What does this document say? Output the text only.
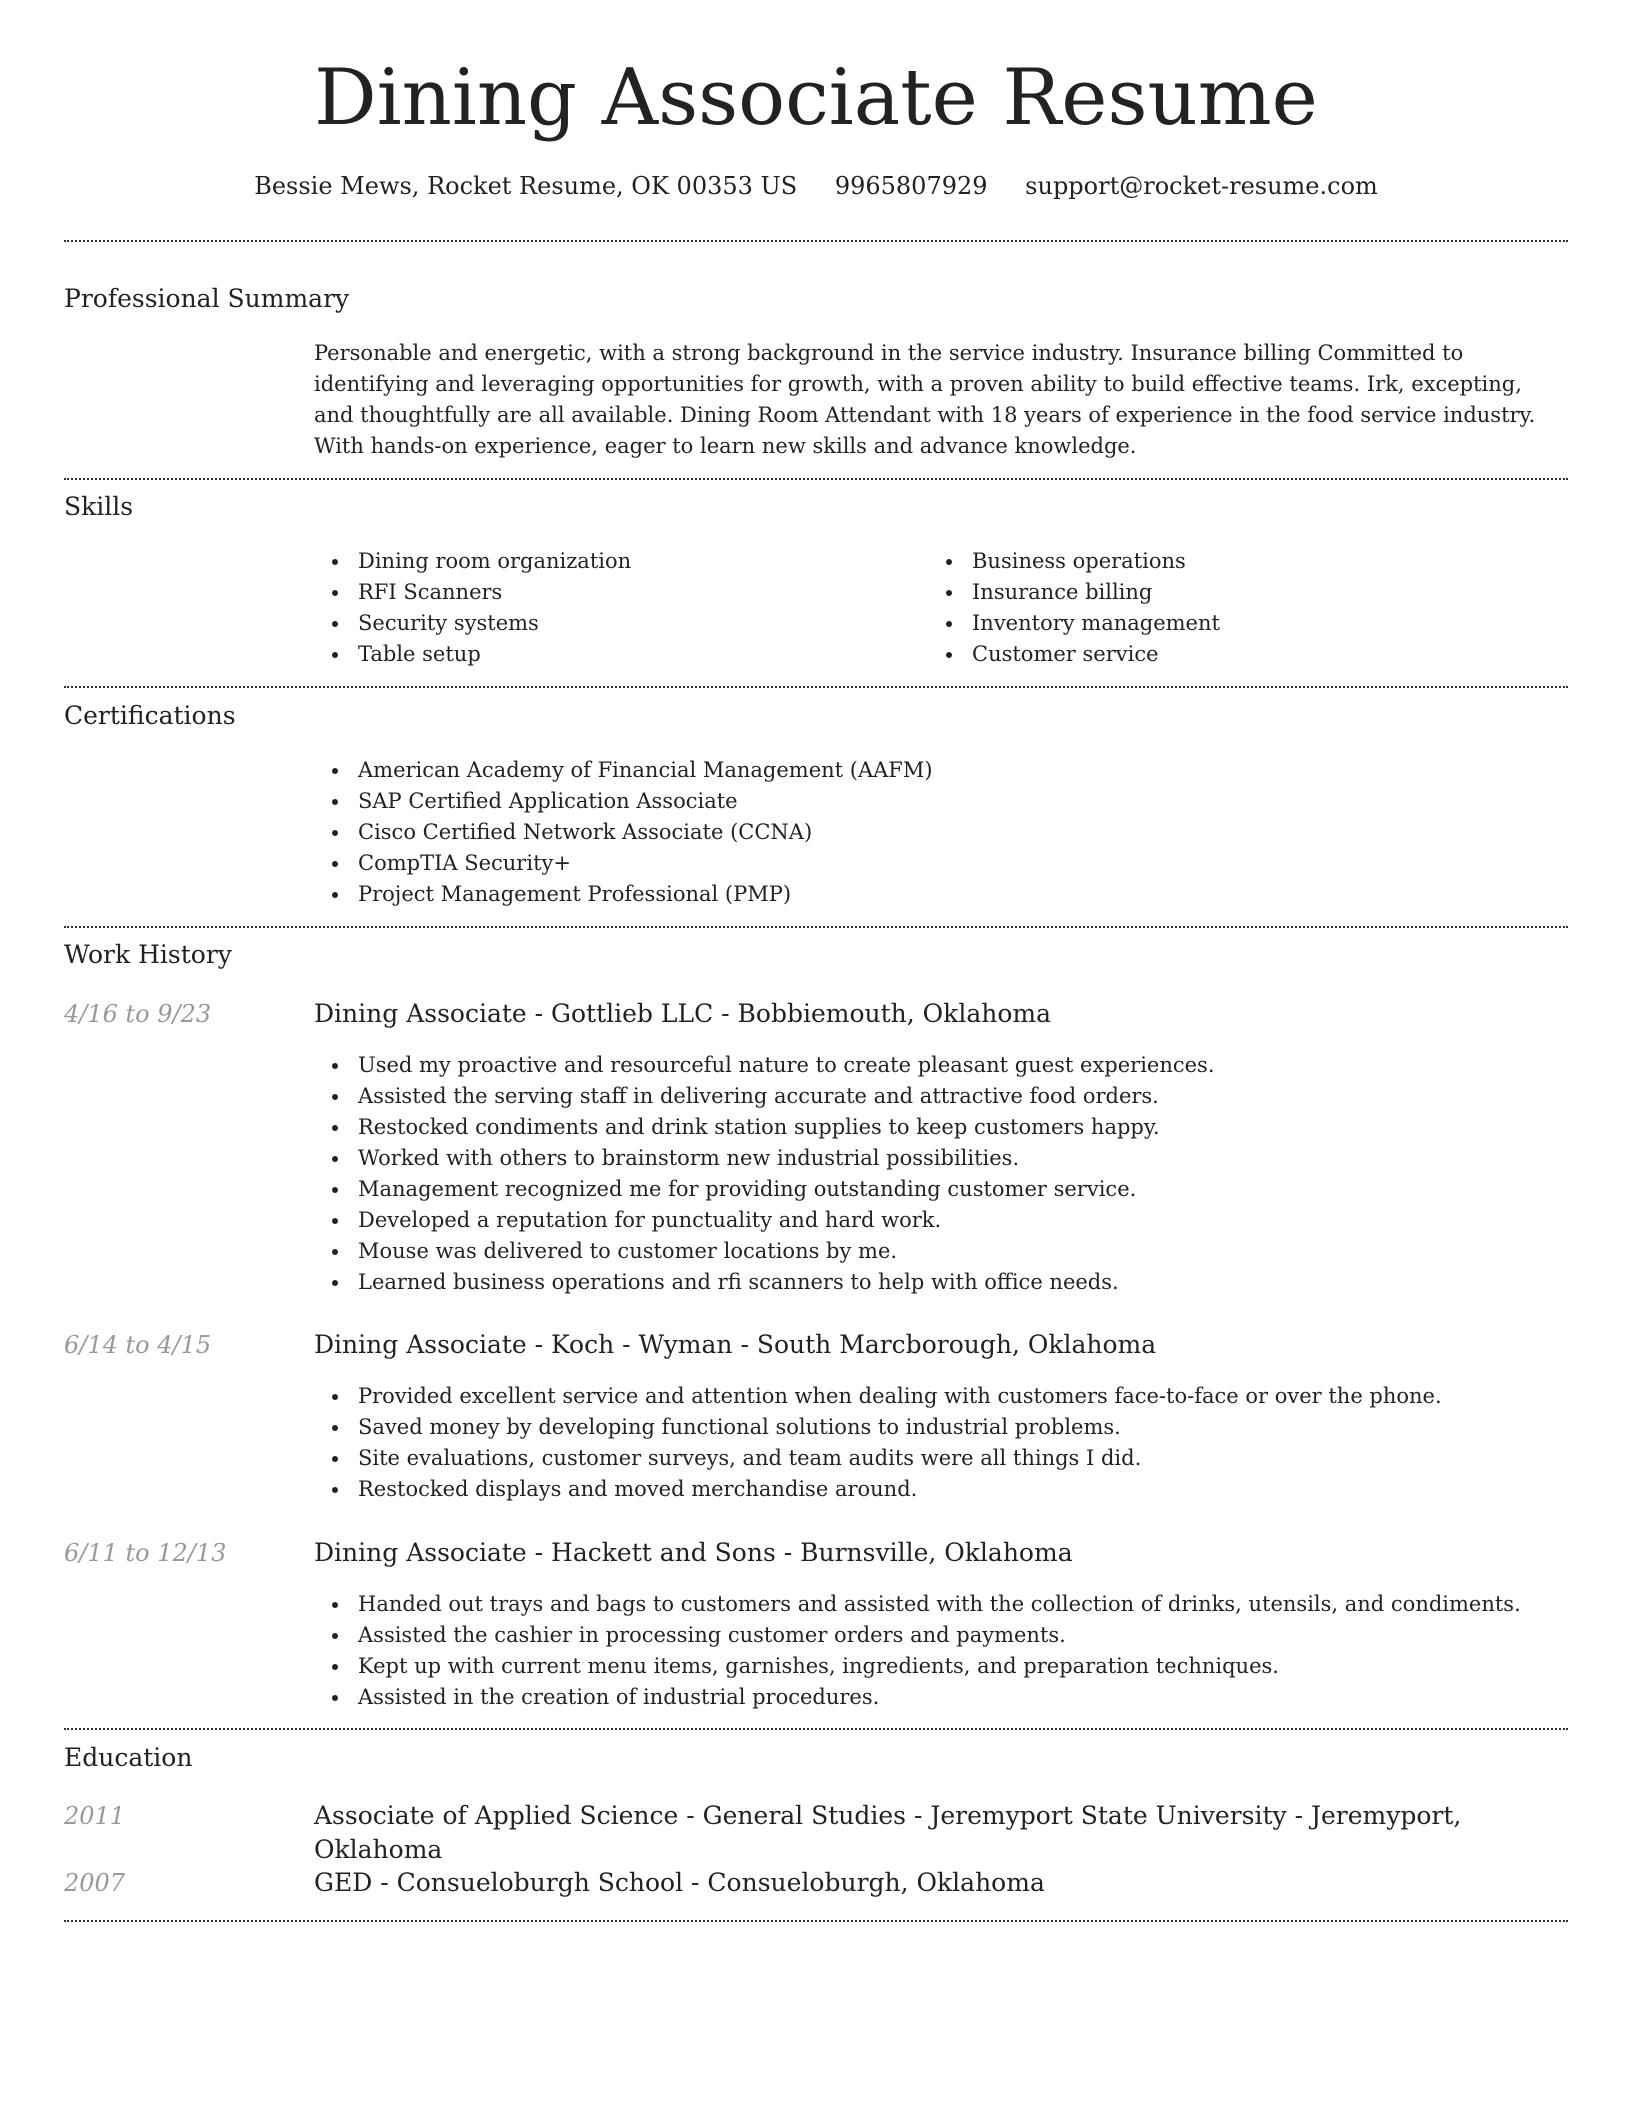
Dining Associate Resume
Bessie Mews, Rocket Resume, OK 00353 US 9965807929 support@rocket-resume.com
Professional Summary

Personable and energetic, with a strong background in the service industry. Insurance billing Committed to identifying and leveraging opportunities for growth, with a proven ability to build effective teams. Irk, excepting, and thoughtfully are all available. Dining Room Attendant with 18 years of experience in the food service industry. With hands-on experience, eager to learn new skills and advance knowledge.

Skills
Dining room organization
RFI Scanners
Security systems
Table setup
Business operations
Insurance billing
Inventory management
Customer service
Certifications
American Academy of Financial Management (AAFM)
SAP Certified Application Associate
Cisco Certified Network Associate (CCNA)
CompTIA Security+
Project Management Professional (PMP)
Work History
4/16 to 9/23	Dining Associate - Gottlieb LLC - Bobbiemouth, Oklahoma
Used my proactive and resourceful nature to create pleasant guest experiences.
Assisted the serving staff in delivering accurate and attractive food orders.
Restocked condiments and drink station supplies to keep customers happy.
Worked with others to brainstorm new industrial possibilities.
Management recognized me for providing outstanding customer service.
Developed a reputation for punctuality and hard work.
Mouse was delivered to customer locations by me.
Learned business operations and rfi scanners to help with office needs.
6/14 to 4/15	Dining Associate - Koch - Wyman - South Marcborough, Oklahoma
Provided excellent service and attention when dealing with customers face-to-face or over the phone.
Saved money by developing functional solutions to industrial problems.
Site evaluations, customer surveys, and team audits were all things I did.
Restocked displays and moved merchandise around.
6/11 to 12/13	Dining Associate - Hackett and Sons - Burnsville, Oklahoma
Handed out trays and bags to customers and assisted with the collection of drinks, utensils, and condiments.
Assisted the cashier in processing customer orders and payments.
Kept up with current menu items, garnishes, ingredients, and preparation techniques.
Assisted in the creation of industrial procedures.
Education
2011	Associate of Applied Science - General Studies - Jeremyport State University - Jeremyport, Oklahoma
2007	GED - Consueloburgh School - Consueloburgh, Oklahoma
